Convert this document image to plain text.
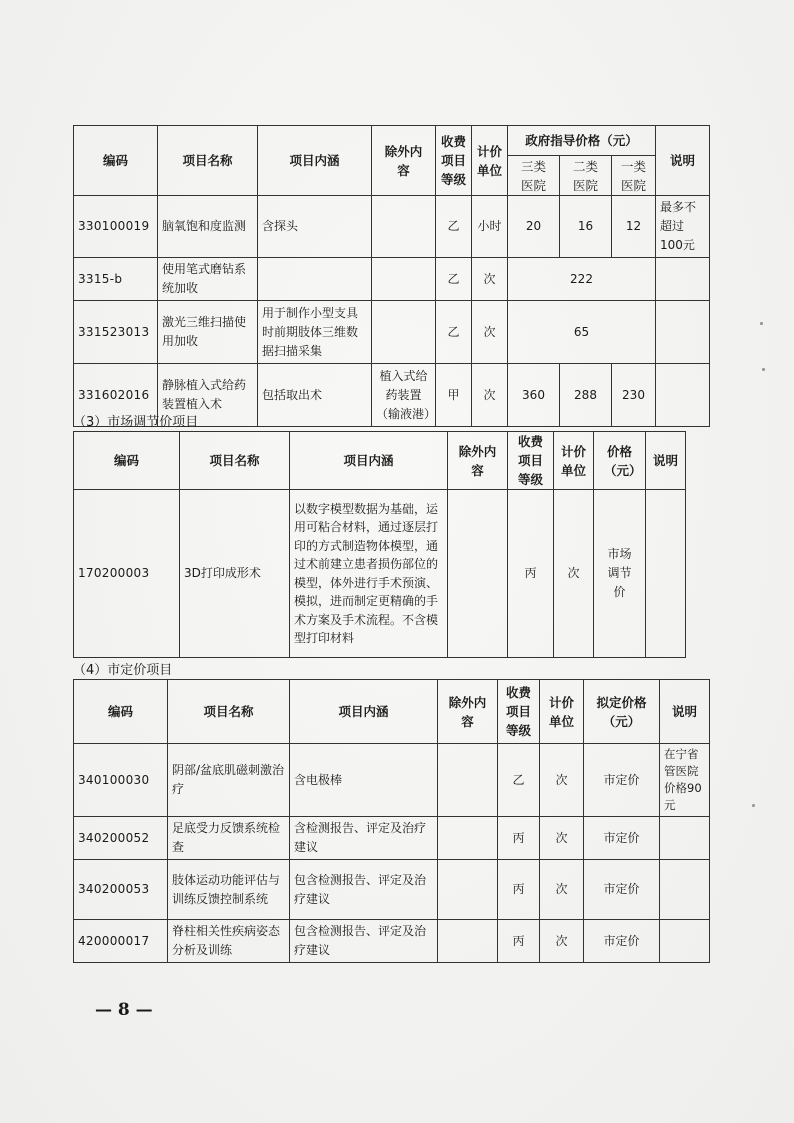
编码	项目名称	项目内涵	除外内容	收费项目等级	计价单位	政府指导价格（元）			说明
						三类医院	二类医院	一类医院	
330100019	脑氧饱和度监测	含探头		乙	小时	20	16	12	最多不超过100元
3315-b	使用笔式磨钻系统加收			乙	次	222			
331523013	激光三维扫描使用加收	用于制作小型支具时前期肢体三维数据扫描采集		乙	次	65			
331602016	静脉植入式给药装置植入术	包括取出术	植入式给药装置（输液港）	甲	次	360	288	230	
（3）市场调节价项目
编码	项目名称	项目内涵	除外内容	收费项目等级	计价单位	价格（元）	说明
170200003	3D打印成形术	以数字模型数据为基础，运用可粘合材料，通过逐层打印的方式制造物体模型，通过术前建立患者损伤部位的模型，体外进行手术预演、模拟，进而制定更精确的手术方案及手术流程。不含模型打印材料		丙	次	市场调节价	
（4）市定价项目
编码	项目名称	项目内涵	除外内容	收费项目等级	计价单位	拟定价格（元）	说明
340100030	阴部/盆底肌磁刺激治疗	含电极棒		乙	次	市定价	在宁省管医院价格90元
340200052	足底受力反馈系统检查	含检测报告、评定及治疗建议		丙	次	市定价	
340200053	肢体运动功能评估与训练反馈控制系统	包含检测报告、评定及治疗建议		丙	次	市定价	
420000017	脊柱相关性疾病姿态分析及训练	包含检测报告、评定及治疗建议		丙	次	市定价	
— 8 —
